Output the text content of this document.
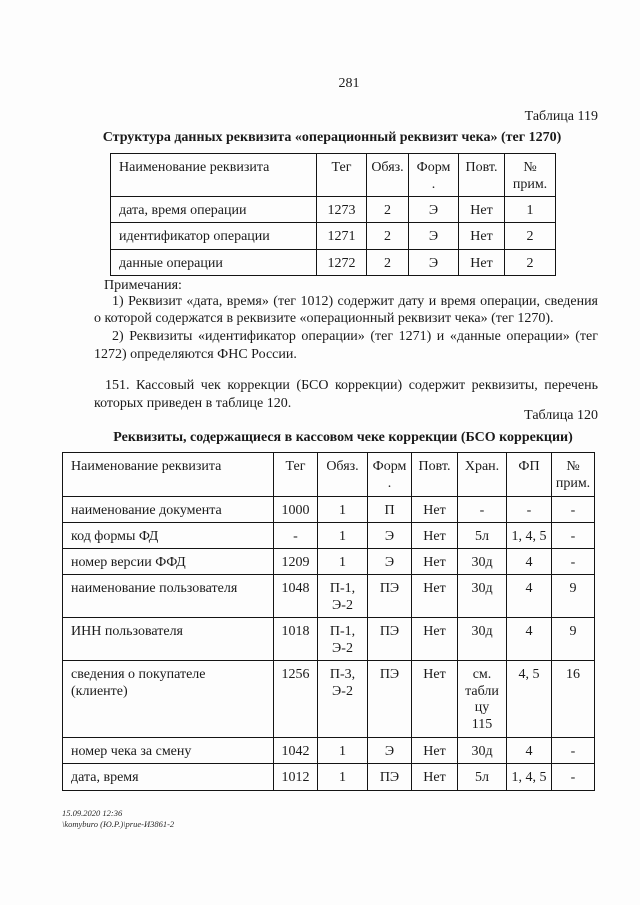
281
Таблица 119
Структура данных реквизита «операционный реквизит чека» (тег 1270)
Наименование реквизита	Тег	Обяз.	Форм
.	Повт.	№
прим.
дата, время операции	1273	2	Э	Нет	1
идентификатор операции	1271	2	Э	Нет	2
данные операции	1272	2	Э	Нет	2
Примечания:
1) Реквизит «дата, время» (тег 1012) содержит дату и время операции, сведения
о которой содержатся в реквизите «операционный реквизит чека» (тег 1270).
2) Реквизиты «идентификатор операции» (тег 1271) и «данные операции» (тег
1272) определяются ФНС России.
151. Кассовый чек коррекции (БСО коррекции) содержит реквизиты, перечень
которых приведен в таблице 120.
Таблица 120
Реквизиты, содержащиеся в кассовом чеке коррекции (БСО коррекции)
Наименование реквизита	Тег	Обяз.	Форм
.	Повт.	Хран.	ФП	№
прим.
наименование документа	1000	1	П	Нет	-	-	-
код формы ФД	-	1	Э	Нет	5л	1, 4, 5	-
номер версии ФФД	1209	1	Э	Нет	30д	4	-
наименование пользователя	1048	П-1,
Э-2	ПЭ	Нет	30д	4	9
ИНН пользователя	1018	П-1,
Э-2	ПЭ	Нет	30д	4	9
сведения о покупателе
(клиенте)	1256	П-3,
Э-2	ПЭ	Нет	см.
табли
цу
115	4, 5	16
номер чека за смену	1042	1	Э	Нет	30д	4	-
дата, время	1012	1	ПЭ	Нет	5л	1, 4, 5	-
15.09.2020 12:36
\komyburo (Ю.Р.)\prue-И3861-2
